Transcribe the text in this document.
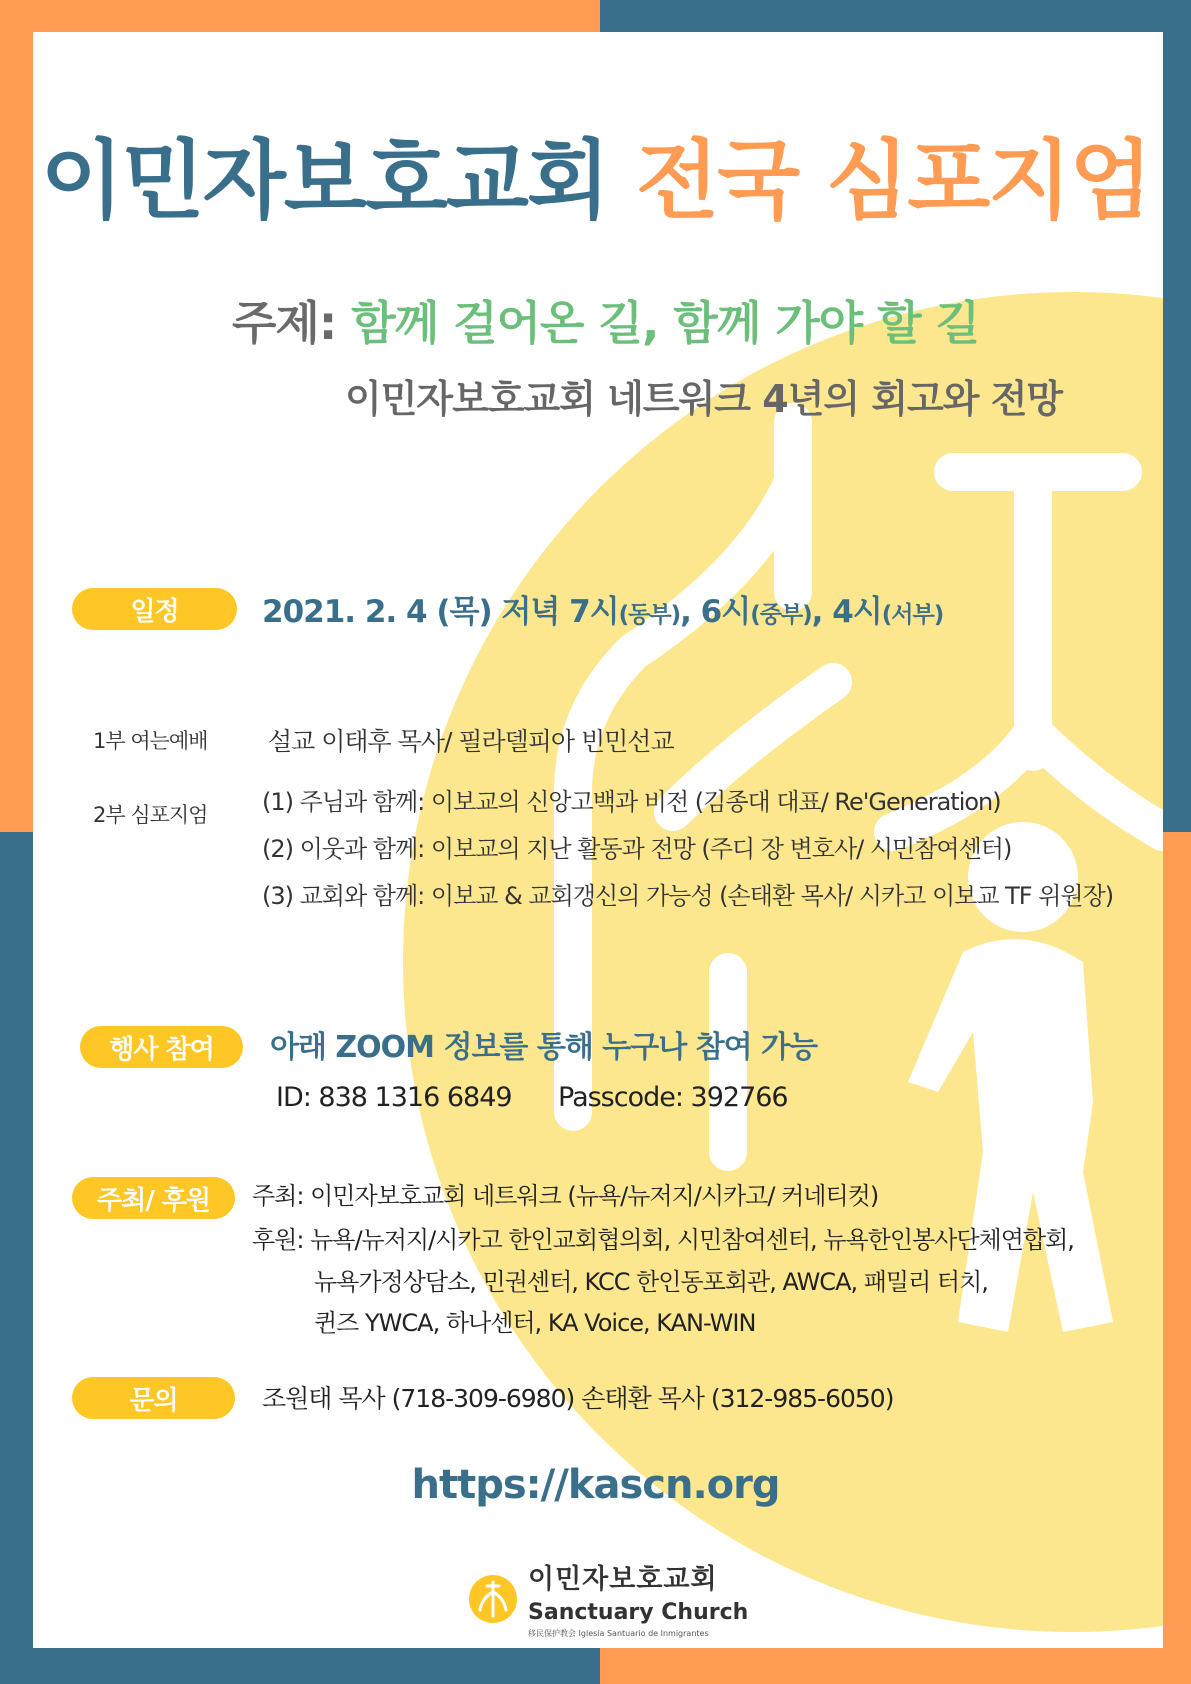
이민자보호교회 전국 심포지엄
주제: 함께 걸어온 길, 함께 가야 할 길
이민자보호교회 네트워크 4년의 회고와 전망
일정	2021. 2. 4 (목) 저녁 7시(동부), 6시(중부), 4시(서부)
1부 여는예배 설교 이태후 목사/ 필라델피아 빈민선교
2부 심포지엄 (1) 주님과 함께: 이보교의 신앙고백과 비전 (김종대 대표/ Re'Generation)
(2) 이웃과 함께: 이보교의 지난 활동과 전망 (주디 장 변호사/ 시민참여센터)
(3) 교회와 함께: 이보교 & 교회갱신의 가능성 (손태환 목사/ 시카고 이보교 TF 위원장)
행사 참여 아래 ZOOM 정보를 통해 누구나 참여 가능
ID: 838 1316 6849 Passcode: 392766
주최/ 후원 주최: 이민자보호교회 네트워크 (뉴욕/뉴저지/시카고/ 커네티컷)
후원: 뉴욕/뉴저지/시카고 한인교회협의회, 시민참여센터, 뉴욕한인봉사단체연합회,
뉴욕가정상담소, 민권센터, KCC 한인동포회관, AWCA, 패밀리 터치,
퀸즈 YWCA, 하나센터, KA Voice, KAN-WIN
문의	조원태 목사 (718-309-6980) 손태환 목사 (312-985-6050)
https://kascn.org
이민자보호교회
Sanctuary Church
移民保护教会 Iglesia Santuario de Inmigrantes
